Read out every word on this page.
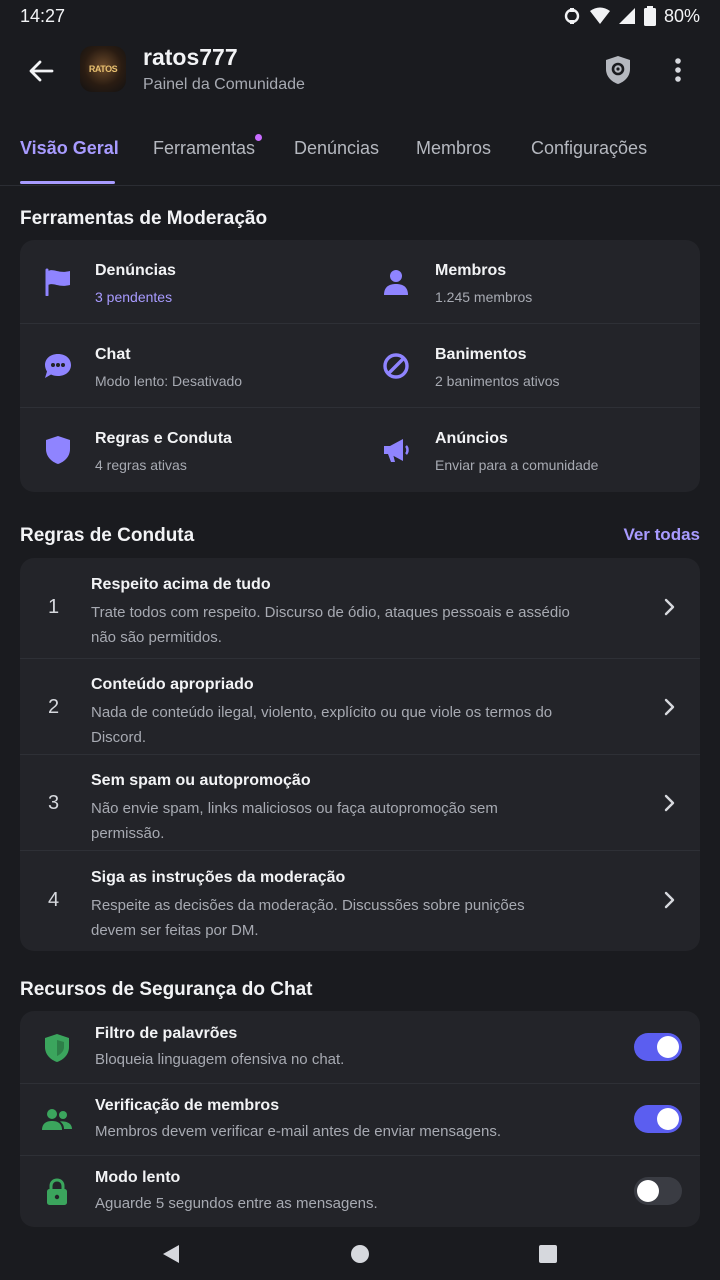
14:27	80%
RATOS ratos777
Painel da Comunidade
Visão Geral Ferramentas Denúncias Membros Configurações
Ferramentas de Moderação
Denúncias
3 pendentes
Membros
1.245 membros
Chat
Modo lento: Desativado
Banimentos
2 banimentos ativos
Regras e Conduta
4 regras ativas
Anúncios
Enviar para a comunidade
Regras de Conduta	Ver todas
1
Respeito acima de tudo
Trate todos com respeito. Discurso de ódio, ataques pessoais e assédio não são permitidos.
2
Conteúdo apropriado
Nada de conteúdo ilegal, violento, explícito ou que viole os termos do Discord.
3
Sem spam ou autopromoção
Não envie spam, links maliciosos ou faça autopromoção sem permissão.
4
Siga as instruções da moderação
Respeite as decisões da moderação. Discussões sobre punições devem ser feitas por DM.
Recursos de Segurança do Chat
Filtro de palavrões
Bloqueia linguagem ofensiva no chat.
Verificação de membros
Membros devem verificar e-mail antes de enviar mensagens.
Modo lento
Aguarde 5 segundos entre as mensagens.
